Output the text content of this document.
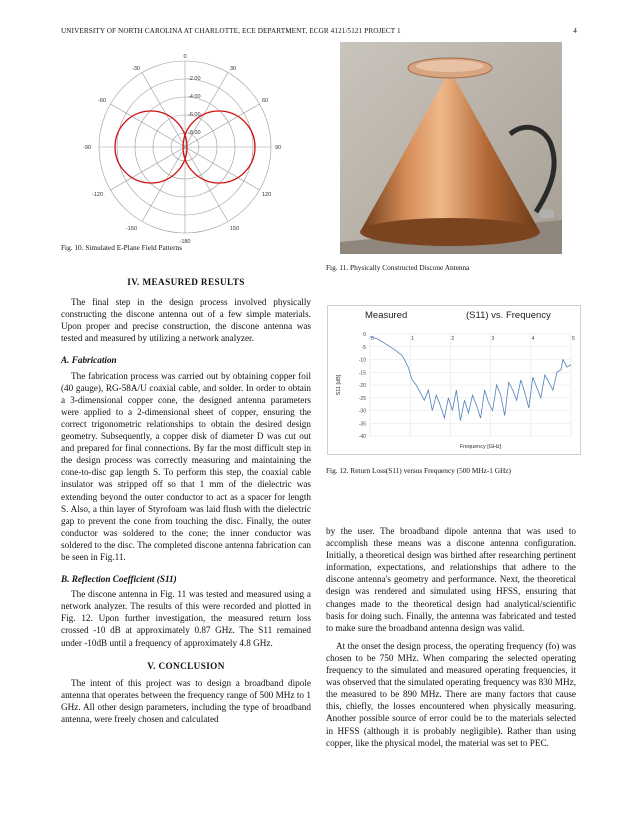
UNIVERSITY OF NORTH CAROLINA AT CHARLOTTE, ECE DEPARTMENT, ECGR 4121/5121 PROJECT 1	4
0
-180
-90	90
-30	30
-60	60
-120	120
-150	150
-2.00
-4.00
-6.00
-8.00
Fig. 10. Simulated E-Plane Field Patterns
Fig. 11. Physically Constructed Discone Antenna
Measured	(S11) vs. Frequency
0
-5
-10
-15
-20
-25
-30
-35
-40
0	1	2	3	4	5
S11 [dB]
Frequency [GHz]
Fig. 12. Return Loss(S11) versus Frequency (500 MHz-1 GHz)
IV. MEASURED RESULTS

The final step in the design process involved physically constructing the discone antenna out of a few simple materials. Upon proper and precise construction, the discone antenna was tested and measured by utilizing a network analyzer.

A. Fabrication

The fabrication process was carried out by obtaining copper foil (40 gauge), RG-58A/U coaxial cable, and solder. In order to obtain a 3-dimensional copper cone, the designed antenna parameters were applied to a 2-dimensional sheet of copper, ensuring the correct trigonometric relationships to obtain the desired design geometry. Subsequently, a copper disk of diameter D was cut out and prepared for final connections. By far the most difficult step in the design process was correctly measuring and maintaining the cone-to-disc gap length S. To perform this step, the coaxial cable insulator was stripped off so that 1 mm of the dielectric was extending beyond the outer conductor to act as a spacer for length S. Also, a thin layer of Styrofoam was laid flush with the dielectric gap to prevent the cone from touching the disc. Finally, the outer conductor was soldered to the cone; the inner conductor was soldered to the disc. The completed discone antenna fabrication can be seen in Fig.11.

B. Reflection Coefficient (S11)

The discone antenna in Fig. 11 was tested and measured using a network analyzer. The results of this were recorded and plotted in Fig. 12. Upon further investigation, the measured return loss crossed -10 dB at approximately 0.87 GHz. The S11 remained under -10dB until a frequency of approximately 4.8 GHz.

V. CONCLUSION

The intent of this project was to design a broadband dipole antenna that operates between the frequency range of 500 MHz to 1 GHz. All other design parameters, including the type of broadband antenna, were freely chosen and calculated

by the user. The broadband dipole antenna that was used to accomplish these means was a discone antenna configuration. Initially, a theoretical design was birthed after researching pertinent information, expectations, and relationships that adhere to the discone antenna's geometry and performance. Next, the theoretical design was rendered and simulated using HFSS, ensuring that changes made to the theoretical design had analytical/scientific basis for doing such. Finally, the antenna was fabricated and tested to make sure the broadband antenna design was valid.

At the onset the design process, the operating frequency (fo) was chosen to be 750 MHz. When comparing the selected operating frequency to the simulated and measured operating frequencies, it was observed that the simulated operating frequency was 830 MHz, the measured to be 890 MHz. There are many factors that cause this, chiefly, the losses encountered when physically measuring. Another possible source of error could be to the materials selected in HFSS (although it is probably negligible). Rather than using copper, like the physical model, the material was set to PEC.
